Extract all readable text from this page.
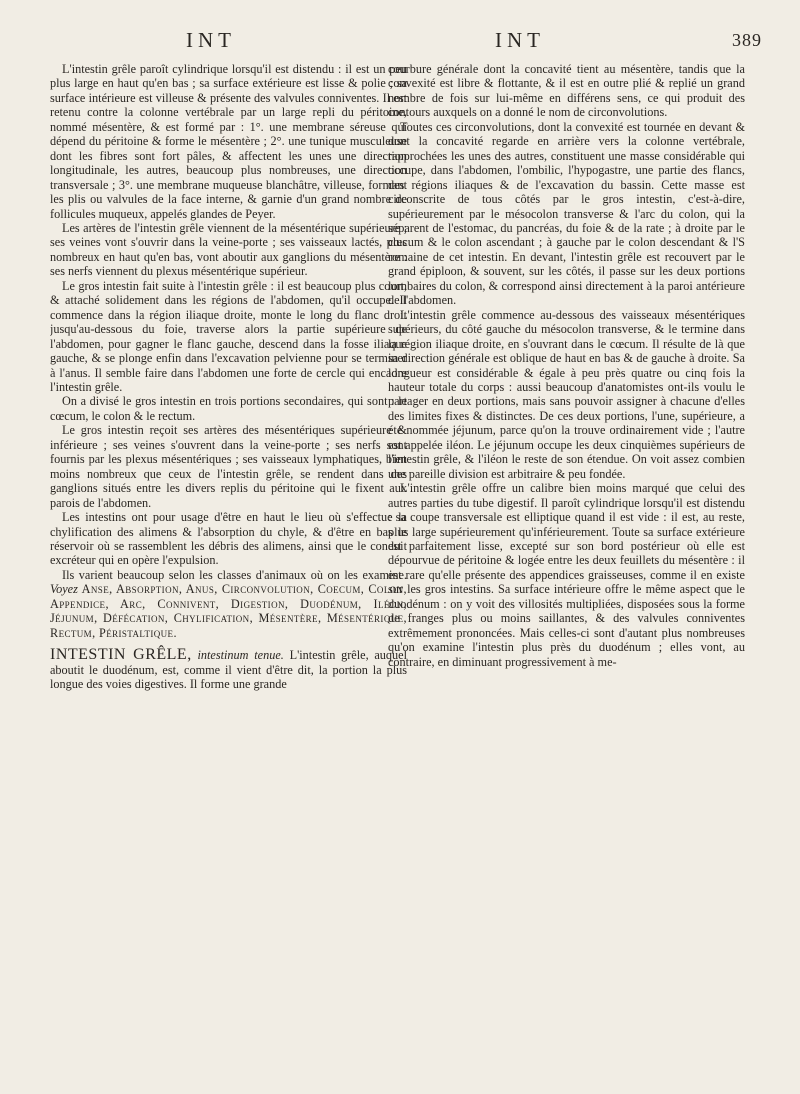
INT	INT	389

L'intestin grêle paroît cylindrique lorsqu'il est distendu : il est un peu plus large en haut qu'en bas ; sa surface extérieure est lisse & polie ; sa surface intérieure est villeuse & présente des valvules conniventes. Il est retenu contre la colonne vertébrale par un large repli du péritoine, nommé mésentère, & est formé par : 1°. une membrane séreuse qui dépend du péritoine & forme le mésentère ; 2°. une tunique musculeuse dont les fibres sont fort pâles, & affectent les unes une direction longitudinale, les autres, beaucoup plus nombreuses, une direction transversale ; 3°. une membrane muqueuse blanchâtre, villeuse, formant les plis ou valvules de la face interne, & garnie d'un grand nombre de follicules muqueux, appelés glandes de Peyer.

Les artères de l'intestin grêle viennent de la mésentérique supérieure ; ses veines vont s'ouvrir dans la veine-porte ; ses vaisseaux lactés, plus nombreux en haut qu'en bas, vont aboutir aux ganglions du mésentère : ses nerfs viennent du plexus mésentérique supérieur.

Le gros intestin fait suite à l'intestin grêle : il est beaucoup plus court, & attaché solidement dans les régions de l'abdomen, qu'il occupe. Il commence dans la région iliaque droite, monte le long du flanc droit jusqu'au-dessous du foie, traverse alors la partie supérieure de l'abdomen, pour gagner le flanc gauche, descend dans la fosse iliaque gauche, & se plonge enfin dans l'excavation pelvienne pour se terminer à l'anus. Il semble faire dans l'abdomen une forte de cercle qui encadre l'intestin grêle.

On a divisé le gros intestin en trois portions secondaires, qui sont : le cœcum, le colon & le rectum.

Le gros intestin reçoit ses artères des mésentériques supérieure & inférieure ; ses veines s'ouvrent dans la veine-porte ; ses nerfs sont fournis par les plexus mésentériques ; ses vaisseaux lymphatiques, bien moins nombreux que ceux de l'intestin grêle, se rendent dans des ganglions situés entre les divers replis du péritoine qui le fixent aux parois de l'abdomen.

Les intestins ont pour usage d'être en haut le lieu où s'effectue la chylification des alimens & l'absorption du chyle, & d'être en bas le réservoir où se rassemblent les débris des alimens, ainsi que le conduit excréteur qui en opère l'expulsion.

Ils varient beaucoup selon les classes d'animaux où on les examine. Voyez Anse, Absorption, Anus, Circonvolution, Coecum, Colon, Appendice, Arc, Connivent, Digestion, Duodénum, Iléon, Jéjunum, Défécation, Chylification, Mésentère, Mésentérique, Rectum, Péristaltique.

INTESTIN GRÊLE, intestinum tenue. L'intestin grêle, auquel aboutit le duodénum, est, comme il vient d'être dit, la portion la plus longue des voies digestives. Il forme une grande

courbure générale dont la concavité tient au mésentère, tandis que la convexité est libre & flottante, & il est en outre plié & replié un grand nombre de fois sur lui-même en différens sens, ce qui produit des contours auxquels on a donné le nom de circonvolutions.

Toutes ces circonvolutions, dont la convexité est tournée en devant & dont la concavité regarde en arrière vers la colonne vertébrale, rapprochées les unes des autres, constituent une masse considérable qui occupe, dans l'abdomen, l'ombilic, l'hypogastre, une partie des flancs, des régions iliaques & de l'excavation du bassin. Cette masse est circonscrite de tous côtés par le gros intestin, c'est-à-dire, supérieurement par le mésocolon transverse & l'arc du colon, qui la séparent de l'estomac, du pancréas, du foie & de la rate ; à droite par le cœcum & le colon ascendant ; à gauche par le colon descendant & l'S romaine de cet intestin. En devant, l'intestin grêle est recouvert par le grand épiploon, & souvent, sur les côtés, il passe sur les deux portions lombaires du colon, & correspond ainsi directement à la paroi antérieure de l'abdomen.

L'intestin grêle commence au-dessous des vaisseaux mésentériques supérieurs, du côté gauche du mésocolon transverse, & le termine dans la région iliaque droite, en s'ouvrant dans le cœcum. Il résulte de là que sa direction générale est oblique de haut en bas & de gauche à droite. Sa longueur est considérable & égale à peu près quatre ou cinq fois la hauteur totale du corps : aussi beaucoup d'anatomistes ont-ils voulu le partager en deux portions, mais sans pouvoir assigner à chacune d'elles des limites fixes & distinctes. De ces deux portions, l'une, supérieure, a été nommée jéjunum, parce qu'on la trouve ordinairement vide ; l'autre est appelée iléon. Le jéjunum occupe les deux cinquièmes supérieurs de l'intestin grêle, & l'iléon le reste de son étendue. On voit assez combien une pareille division est arbitraire & peu fondée.

L'intestin grêle offre un calibre bien moins marqué que celui des autres parties du tube digestif. Il paroît cylindrique lorsqu'il est distendu : sa coupe transversale est elliptique quand il est vide : il est, au reste, plus large supérieurement qu'inférieurement. Toute sa surface extérieure est parfaitement lisse, excepté sur son bord postérieur où elle est dépourvue de péritoine & logée entre les deux feuillets du mésentère : il est rare qu'elle présente des appendices graisseuses, comme il en existe sur les gros intestins. Sa surface intérieure offre le même aspect que le duodénum : on y voit des villosités multipliées, disposées sous la forme de franges plus ou moins saillantes, & des valvules conniventes extrêmement prononcées. Mais celles-ci sont d'autant plus nombreuses qu'on examine l'intestin plus près du duodénum ; elles vont, au contraire, en diminuant progressivement à me-
